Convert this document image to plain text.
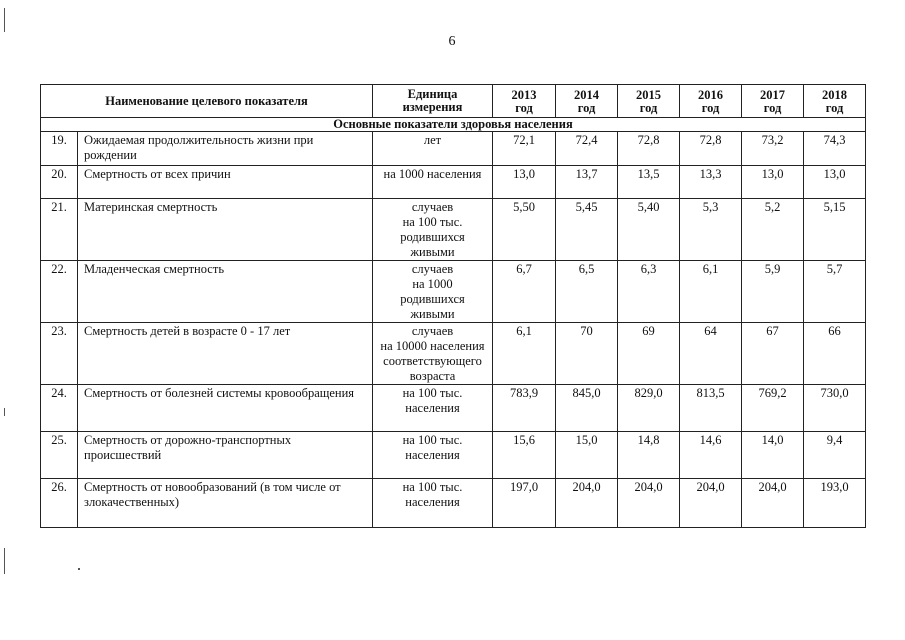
6
Наименование целевого показателя		Единица измерения	2013
год	2014
год	2015
год	2016
год	2017
год	2018
год

Основные показатели здоровья населения								
19.	Ожидаемая продолжительность жизни при рождении	лет	72,1	72,4	72,8	72,8	73,2	74,3
20.	Смертность от всех причин	на 1000 населения	13,0	13,7	13,5	13,3	13,0	13,0
21.	Материнская смертность	случаев
на 100 тыс.
родившихся
живыми	5,50	5,45	5,40	5,3	5,2	5,15
22.	Младенческая смертность	случаев
на 1000
родившихся
живыми	6,7	6,5	6,3	6,1	5,9	5,7
23.	Смертность детей в возрасте 0 - 17 лет	случаев
на 10000 населения
соответствующего
возраста	6,1	70	69	64	67	66
24.	Смертность от болезней системы кровообращения	на 100 тыс.
населения	783,9	845,0	829,0	813,5	769,2	730,0
25.	Смертность от дорожно-транспортных происшествий	на 100 тыс.
населения	15,6	15,0	14,8	14,6	14,0	9,4
26.	Смертность от новообразований (в том числе от злокачественных)	на 100 тыс.
населения	197,0	204,0	204,0	204,0	204,0	193,0
